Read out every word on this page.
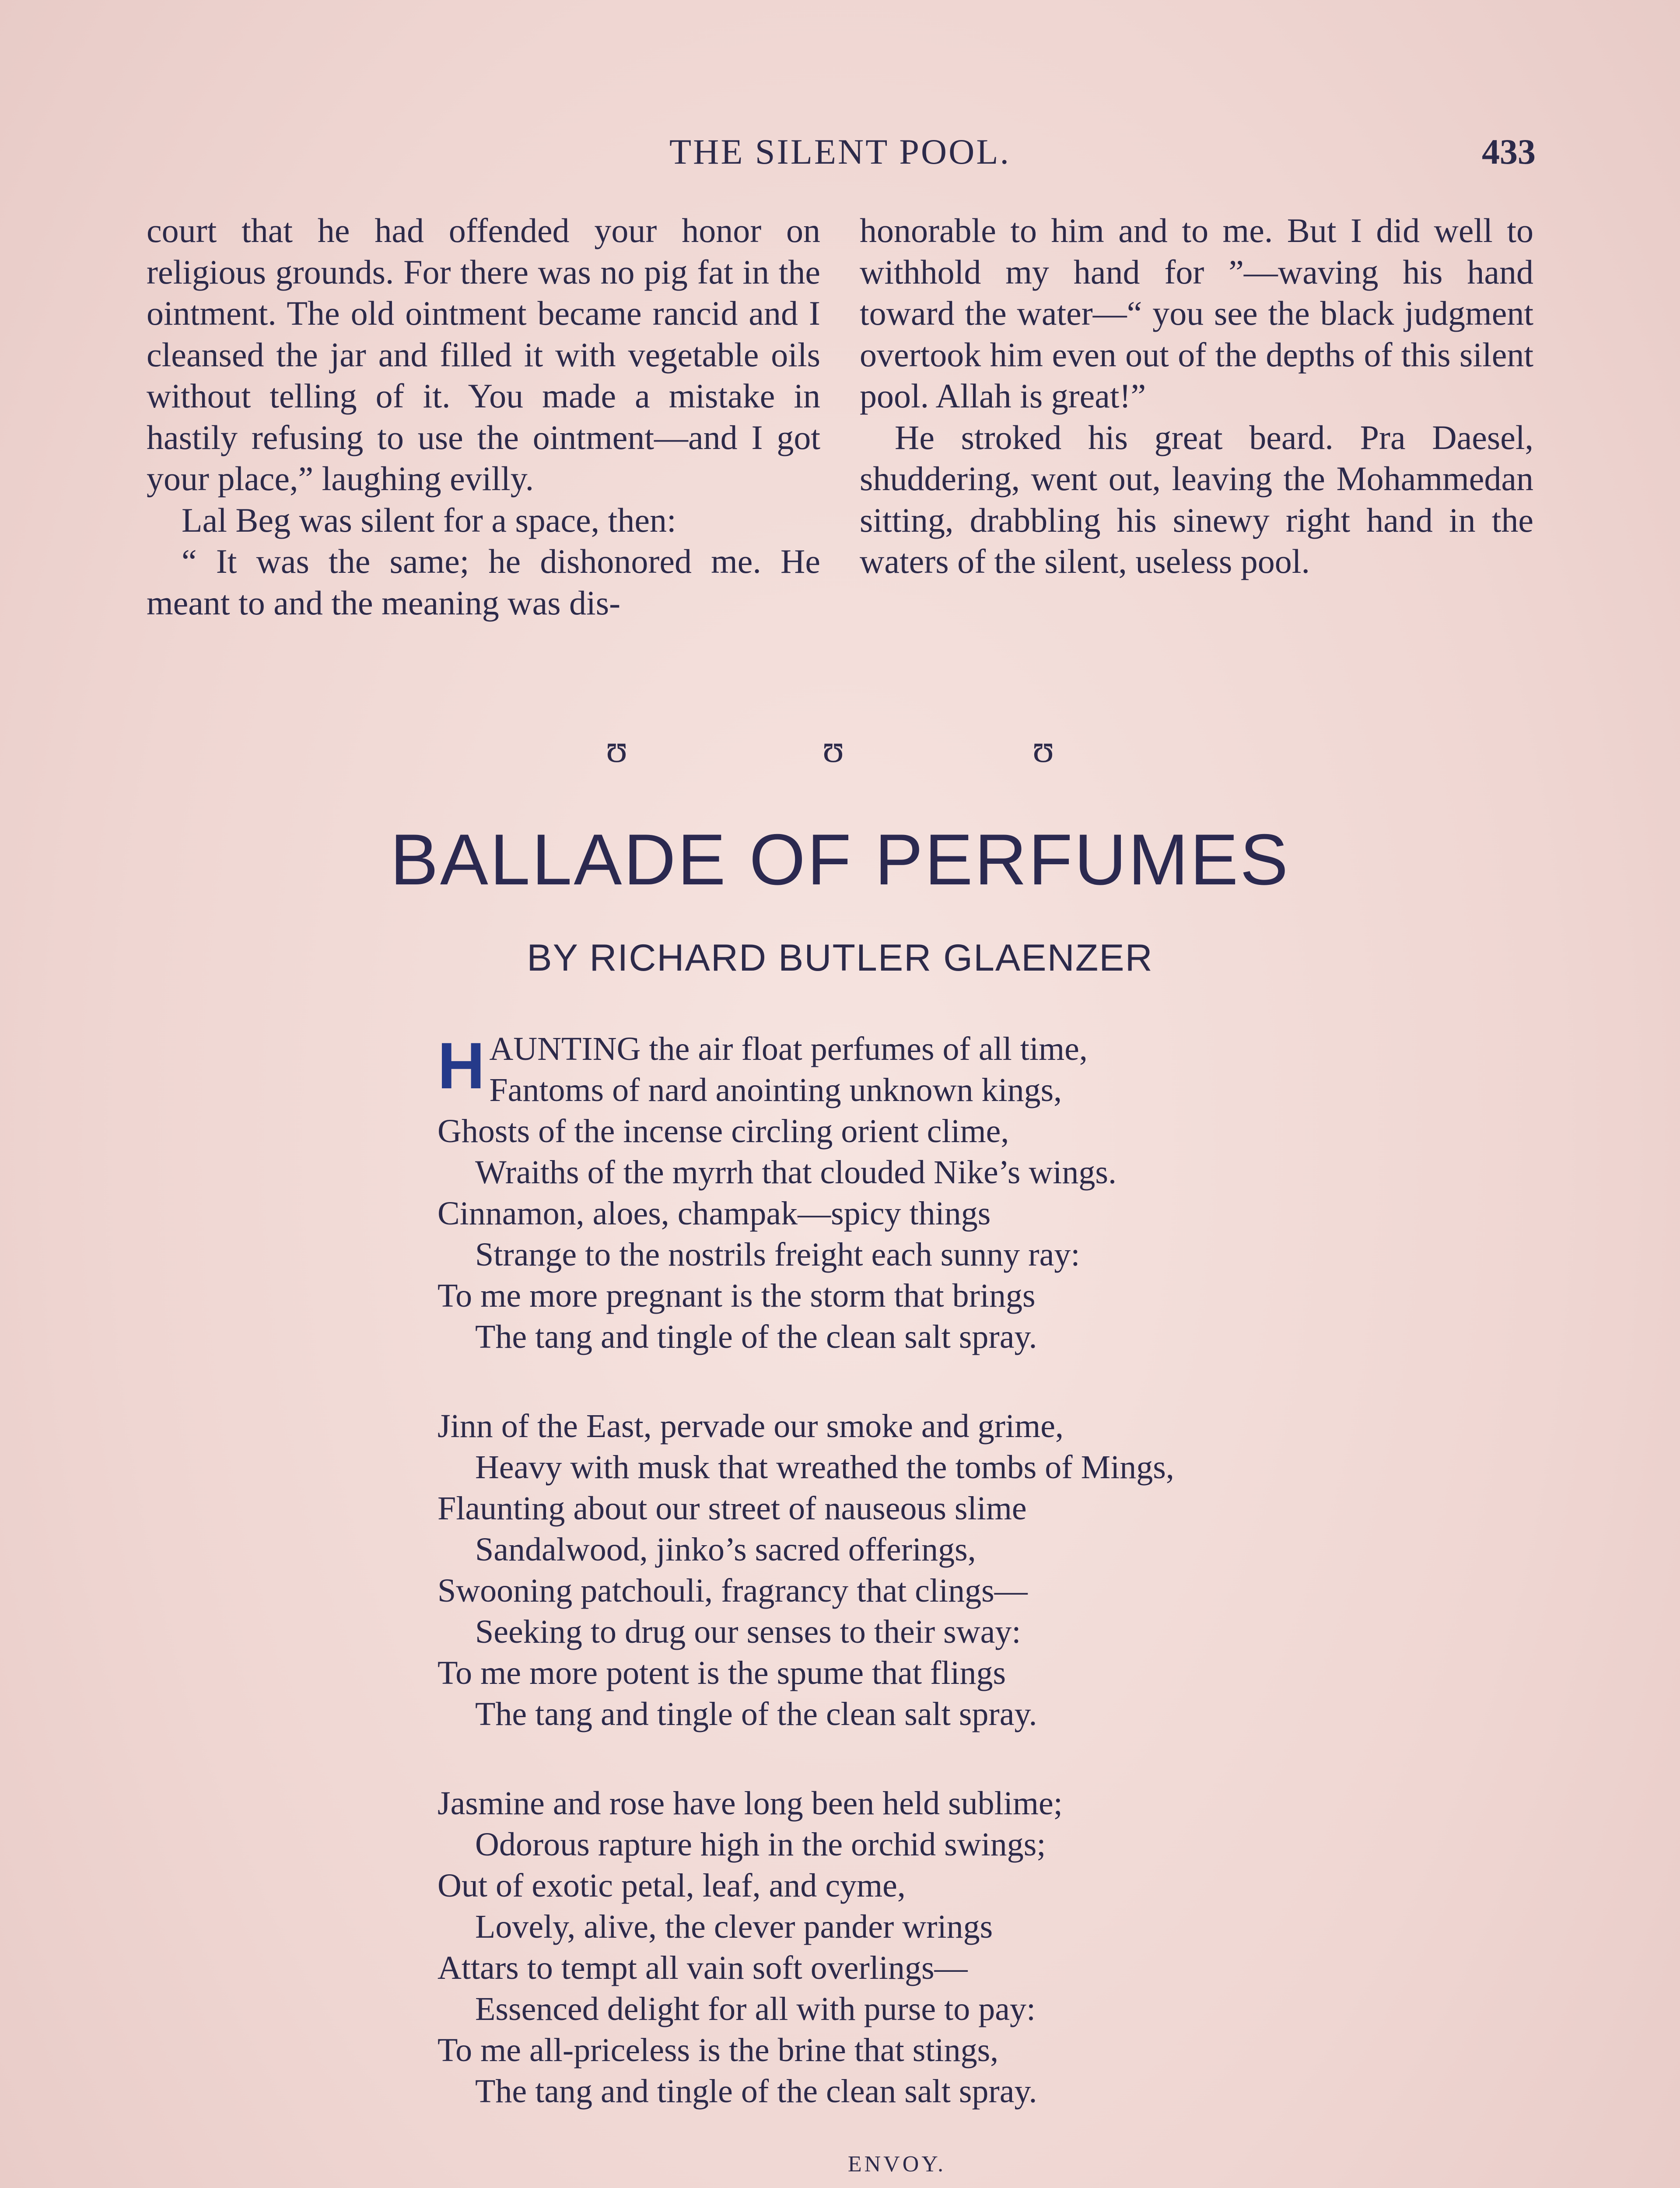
THE SILENT POOL.	433

court that he had offended your honor on religious grounds. For there was no pig fat in the ointment. The old ointment became rancid and I cleansed the jar and filled it with vegetable oils without telling of it. You made a mistake in hastily refusing to use the ointment—and I got your place,” laughing evilly.

Lal Beg was silent for a space, then:

“ It was the same; he dishonored me. He meant to and the meaning was dis-

honorable to him and to me. But I did well to withhold my hand for ”—waving his hand toward the water—“ you see the black judgment overtook him even out of the depths of this silent pool. Allah is great!”

He stroked his great beard. Pra Daesel, shuddering, went out, leaving the Mohammedan sitting, drabbling his sinewy right hand in the waters of the silent, useless pool.

ʊ	ʊ	ʊ
BALLADE OF PERFUMES
BY RICHARD BUTLER GLAENZER
HAUNTING the air float perfumes of all time,
Fantoms of nard anointing unknown kings,
Ghosts of the incense circling orient clime,
Wraiths of the myrrh that clouded Nike’s wings.
Cinnamon, aloes, champak—spicy things
Strange to the nostrils freight each sunny ray:
To me more pregnant is the storm that brings
The tang and tingle of the clean salt spray.
Jinn of the East, pervade our smoke and grime,
Heavy with musk that wreathed the tombs of Mings,
Flaunting about our street of nauseous slime
Sandalwood, jinko’s sacred offerings,
Swooning patchouli, fragrancy that clings—
Seeking to drug our senses to their sway:
To me more potent is the spume that flings
The tang and tingle of the clean salt spray.
Jasmine and rose have long been held sublime;
Odorous rapture high in the orchid swings;
Out of exotic petal, leaf, and cyme,
Lovely, alive, the clever pander wrings
Attars to tempt all vain soft overlings—
Essenced delight for all with purse to pay:
To me all-priceless is the brine that stings,
The tang and tingle of the clean salt spray.
ENVOY.
